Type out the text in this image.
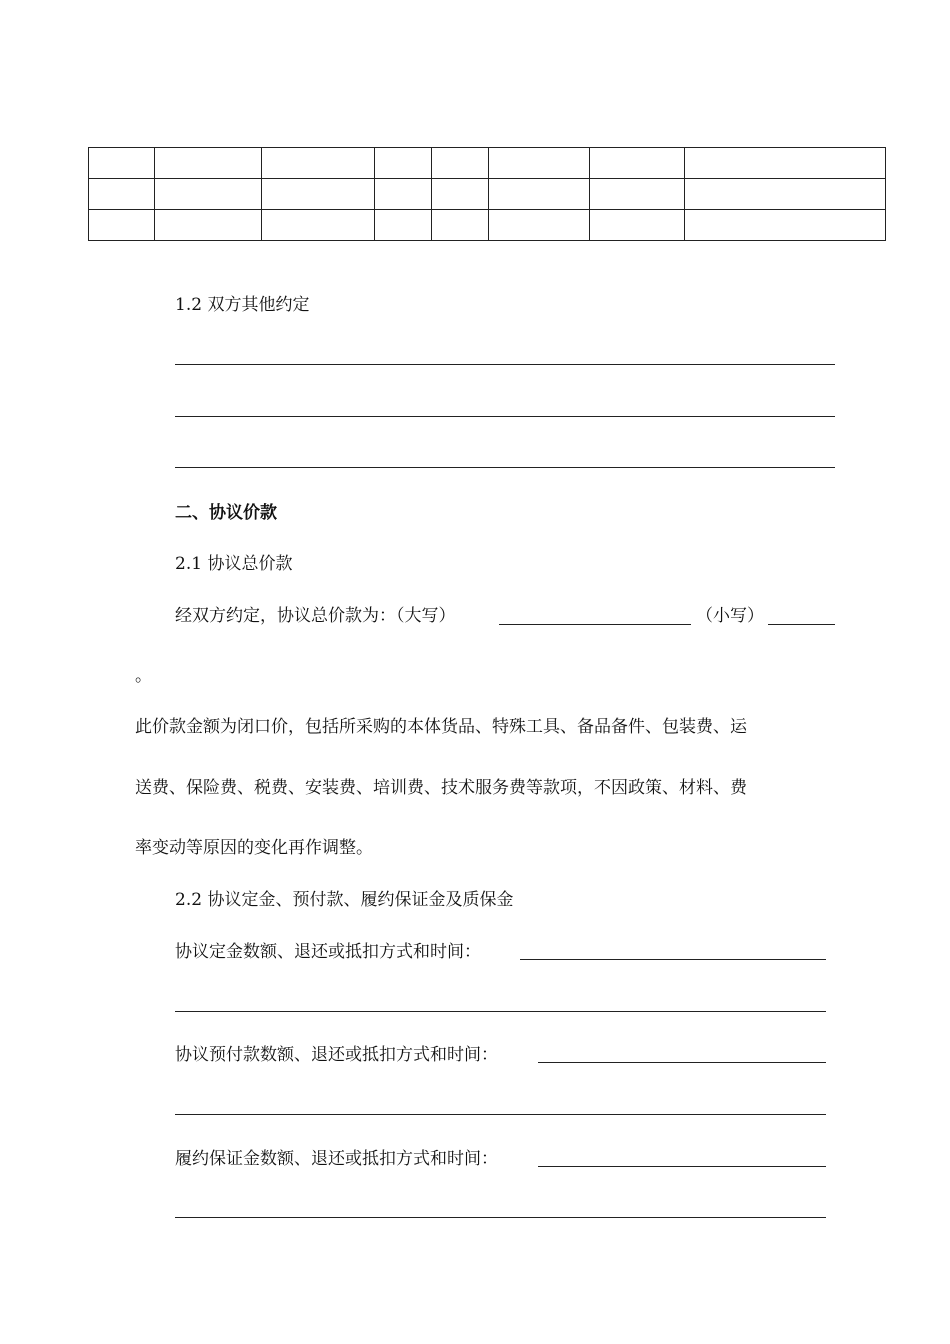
1.2 双方其他约定
二、协议价款
2.1 协议总价款
经双方约定，协议总价款为：（大写）	（小写）
。
此价款金额为闭口价，包括所采购的本体货品、特殊工具、备品备件、包装费、运
送费、保险费、税费、安装费、培训费、技术服务费等款项，不因政策、材料、费
率变动等原因的变化再作调整。
2.2 协议定金、预付款、履约保证金及质保金
协议定金数额、退还或抵扣方式和时间：
协议预付款数额、退还或抵扣方式和时间：
履约保证金数额、退还或抵扣方式和时间：
